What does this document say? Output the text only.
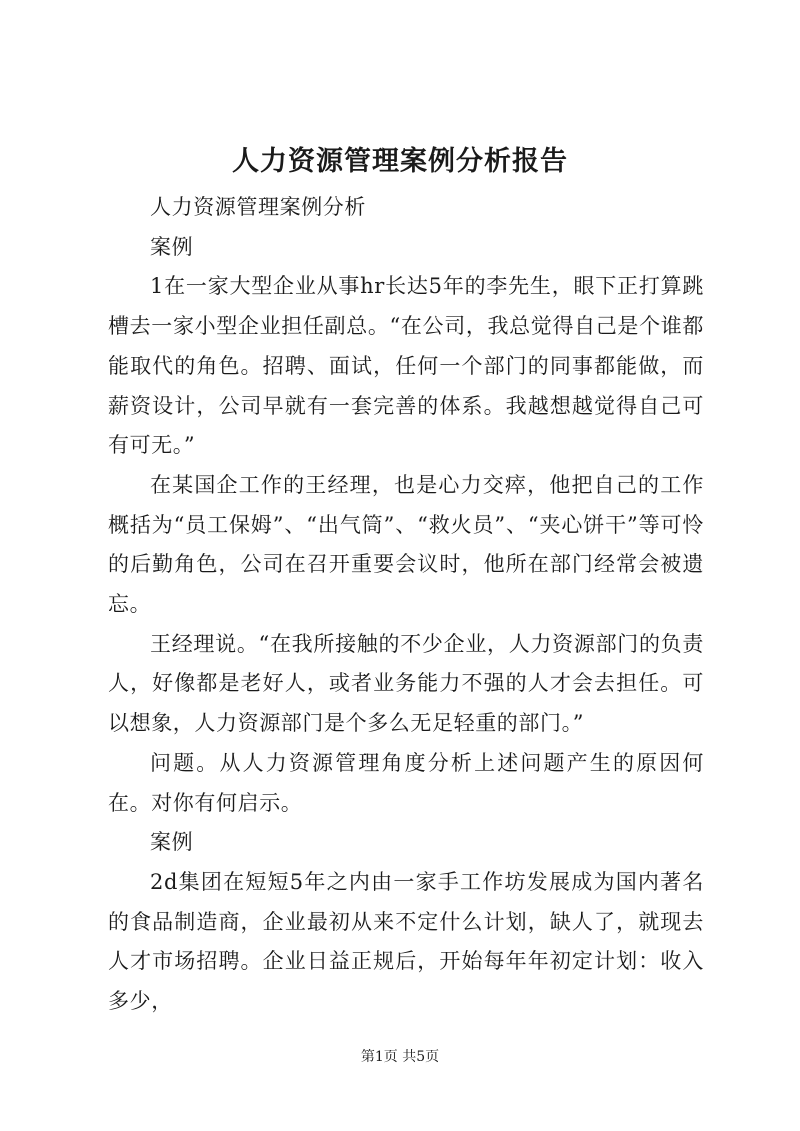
人力资源管理案例分析报告

人力资源管理案例分析

案例

1在一家大型企业从事hr长达5年的李先生，眼下正打算跳槽去一家小型企业担任副总。“在公司，我总觉得自己是个谁都能取代的角色。招聘、面试，任何一个部门的同事都能做，而薪资设计，公司早就有一套完善的体系。我越想越觉得自己可有可无。”

在某国企工作的王经理，也是心力交瘁，他把自己的工作概括为“员工保姆”、“出气筒”、“救火员”、“夹心饼干”等可怜的后勤角色，公司在召开重要会议时，他所在部门经常会被遗忘。

王经理说。“在我所接触的不少企业，人力资源部门的负责人，好像都是老好人，或者业务能力不强的人才会去担任。可以想象，人力资源部门是个多么无足轻重的部门。”

问题。从人力资源管理角度分析上述问题产生的原因何在。对你有何启示。

案例

2d集团在短短5年之内由一家手工作坊发展成为国内著名的食品制造商，企业最初从来不定什么计划，缺人了，就现去人才市场招聘。企业日益正规后，开始每年年初定计划：收入多少，

第1页 共5页
